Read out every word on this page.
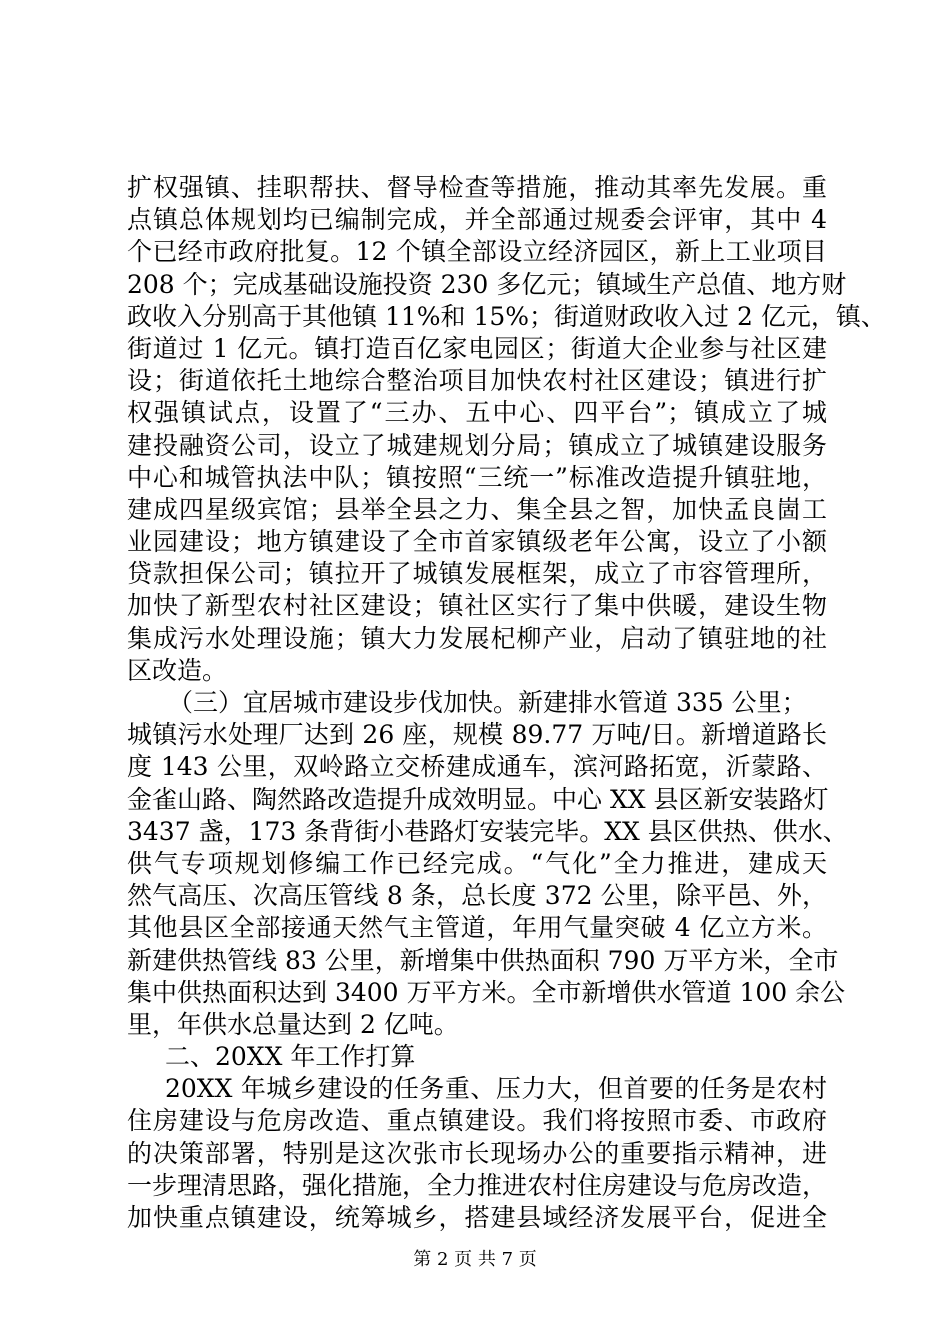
扩权强镇、挂职帮扶、督导检查等措施，推动其率先发展。重
点镇总体规划均已编制完成，并全部通过规委会评审，其中 4
个已经市政府批复。12 个镇全部设立经济园区，新上工业项目
208 个；完成基础设施投资 230 多亿元；镇域生产总值、地方财
政收入分别高于其他镇 11%和 15%；街道财政收入过 2 亿元，镇、
街道过 1 亿元。镇打造百亿家电园区；街道大企业参与社区建
设；街道依托土地综合整治项目加快农村社区建设；镇进行扩
权强镇试点，设置了“三办、五中心、四平台”；镇成立了城
建投融资公司，设立了城建规划分局；镇成立了城镇建设服务
中心和城管执法中队；镇按照“三统一”标准改造提升镇驻地，
建成四星级宾馆；县举全县之力、集全县之智，加快孟良崮工
业园建设；地方镇建设了全市首家镇级老年公寓，设立了小额
贷款担保公司；镇拉开了城镇发展框架，成立了市容管理所，
加快了新型农村社区建设；镇社区实行了集中供暖，建设生物
集成污水处理设施；镇大力发展杞柳产业，启动了镇驻地的社
区改造。
（三）宜居城市建设步伐加快。新建排水管道 335 公里；
城镇污水处理厂达到 26 座，规模 89.77 万吨/日。新增道路长
度 143 公里，双岭路立交桥建成通车，滨河路拓宽，沂蒙路、
金雀山路、陶然路改造提升成效明显。中心 XX 县区新安装路灯
3437 盏，173 条背街小巷路灯安装完毕。XX 县区供热、供水、
供气专项规划修编工作已经完成。“气化”全力推进，建成天
然气高压、次高压管线 8 条，总长度 372 公里，除平邑、外，
其他县区全部接通天然气主管道，年用气量突破 4 亿立方米。
新建供热管线 83 公里，新增集中供热面积 790 万平方米，全市
集中供热面积达到 3400 万平方米。全市新增供水管道 100 余公
里，年供水总量达到 2 亿吨。
二、20XX 年工作打算
20XX 年城乡建设的任务重、压力大，但首要的任务是农村
住房建设与危房改造、重点镇建设。我们将按照市委、市政府
的决策部署，特别是这次张市长现场办公的重要指示精神，进
一步理清思路，强化措施，全力推进农村住房建设与危房改造，
加快重点镇建设，统筹城乡，搭建县域经济发展平台，促进全
第 2 页 共 7 页
